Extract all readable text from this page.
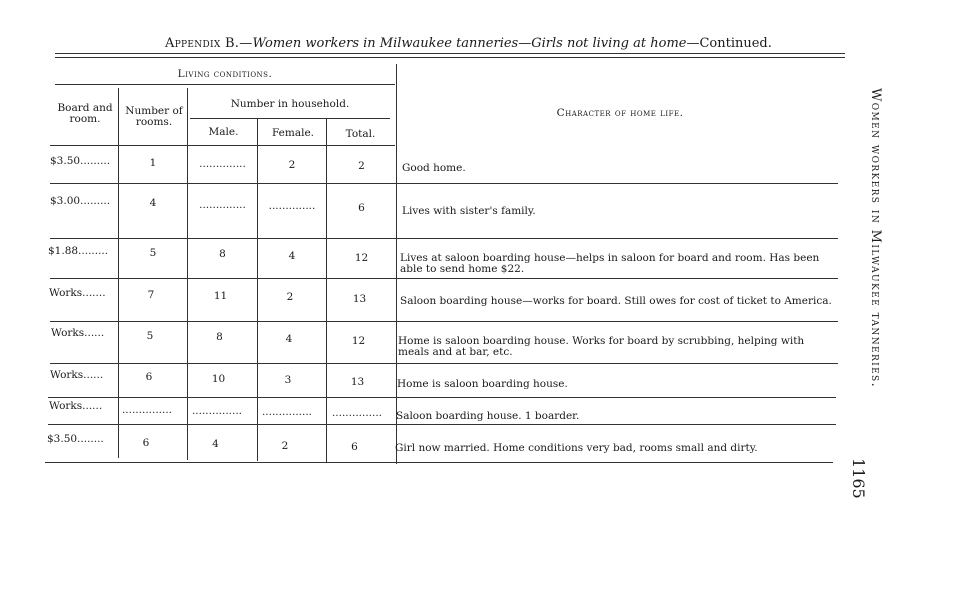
Appendix B.—Women workers in Milwaukee tanneries—Girls not living at home—Continued.
Living conditions.
Board and room.
Number of rooms.
Number in household.
Male.	Female.	Total.
Character of home life.
$3.50.........	1	..............	2	2	Good home.
$3.00.........	4	..............	..............	6	Lives with sister's family.
$1.88.........	5	8	4	12	Lives at saloon boarding house—helps in saloon for board and room. Has been able to send home $22.
Works.......	7	11	2	13	Saloon boarding house—works for board. Still owes for cost of ticket to America.
Works......	5	8	4	12	Home is saloon boarding house. Works for board by scrubbing, helping with meals and at bar, etc.
Works......	6	10	3	13	Home is saloon boarding house.
Works......	...............	...............	...............	...............	Saloon boarding house. 1 boarder.
$3.50........	6	4	2	6	Girl now married. Home conditions very bad, rooms small and dirty.
Women workers in Milwaukee tanneries.
1165
